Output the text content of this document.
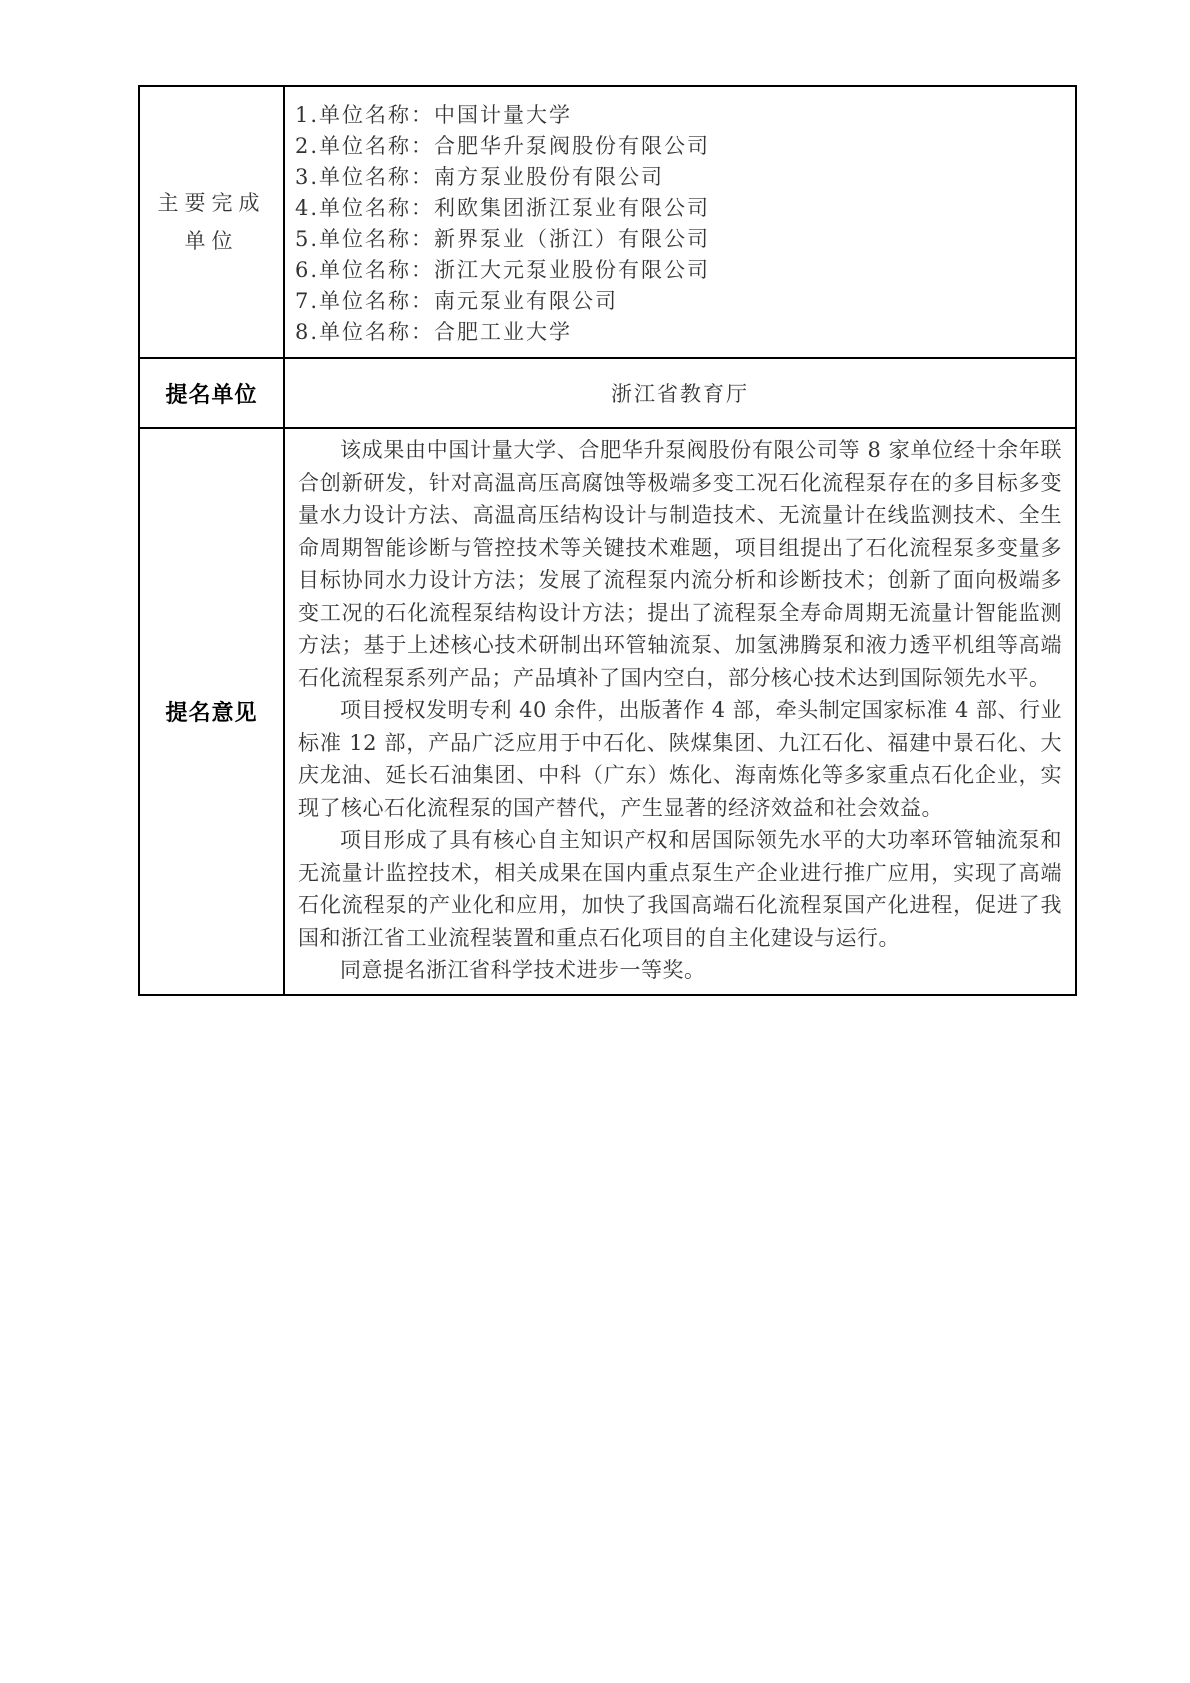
主要完成
单位
1.单位名称：中国计量大学
2.单位名称：合肥华升泵阀股份有限公司
3.单位名称：南方泵业股份有限公司
4.单位名称：利欧集团浙江泵业有限公司
5.单位名称：新界泵业（浙江）有限公司
6.单位名称：浙江大元泵业股份有限公司
7.单位名称：南元泵业有限公司
8.单位名称：合肥工业大学
提名单位	浙江省教育厅
提名意见

该成果由中国计量大学、合肥华升泵阀股份有限公司等 8 家单位经十余年联合创新研发，针对高温高压高腐蚀等极端多变工况石化流程泵存在的多目标多变量水力设计方法、高温高压结构设计与制造技术、无流量计在线监测技术、全生命周期智能诊断与管控技术等关键技术难题，项目组提出了石化流程泵多变量多目标协同水力设计方法；发展了流程泵内流分析和诊断技术；创新了面向极端多变工况的石化流程泵结构设计方法；提出了流程泵全寿命周期无流量计智能监测方法；基于上述核心技术研制出环管轴流泵、加氢沸腾泵和液力透平机组等高端石化流程泵系列产品；产品填补了国内空白，部分核心技术达到国际领先水平。

项目授权发明专利 40 余件，出版著作 4 部，牵头制定国家标准 4 部、行业标准 12 部，产品广泛应用于中石化、陕煤集团、九江石化、福建中景石化、大庆龙油、延长石油集团、中科（广东）炼化、海南炼化等多家重点石化企业，实现了核心石化流程泵的国产替代，产生显著的经济效益和社会效益。

项目形成了具有核心自主知识产权和居国际领先水平的大功率环管轴流泵和无流量计监控技术，相关成果在国内重点泵生产企业进行推广应用，实现了高端石化流程泵的产业化和应用，加快了我国高端石化流程泵国产化进程，促进了我国和浙江省工业流程装置和重点石化项目的自主化建设与运行。

同意提名浙江省科学技术进步一等奖。
